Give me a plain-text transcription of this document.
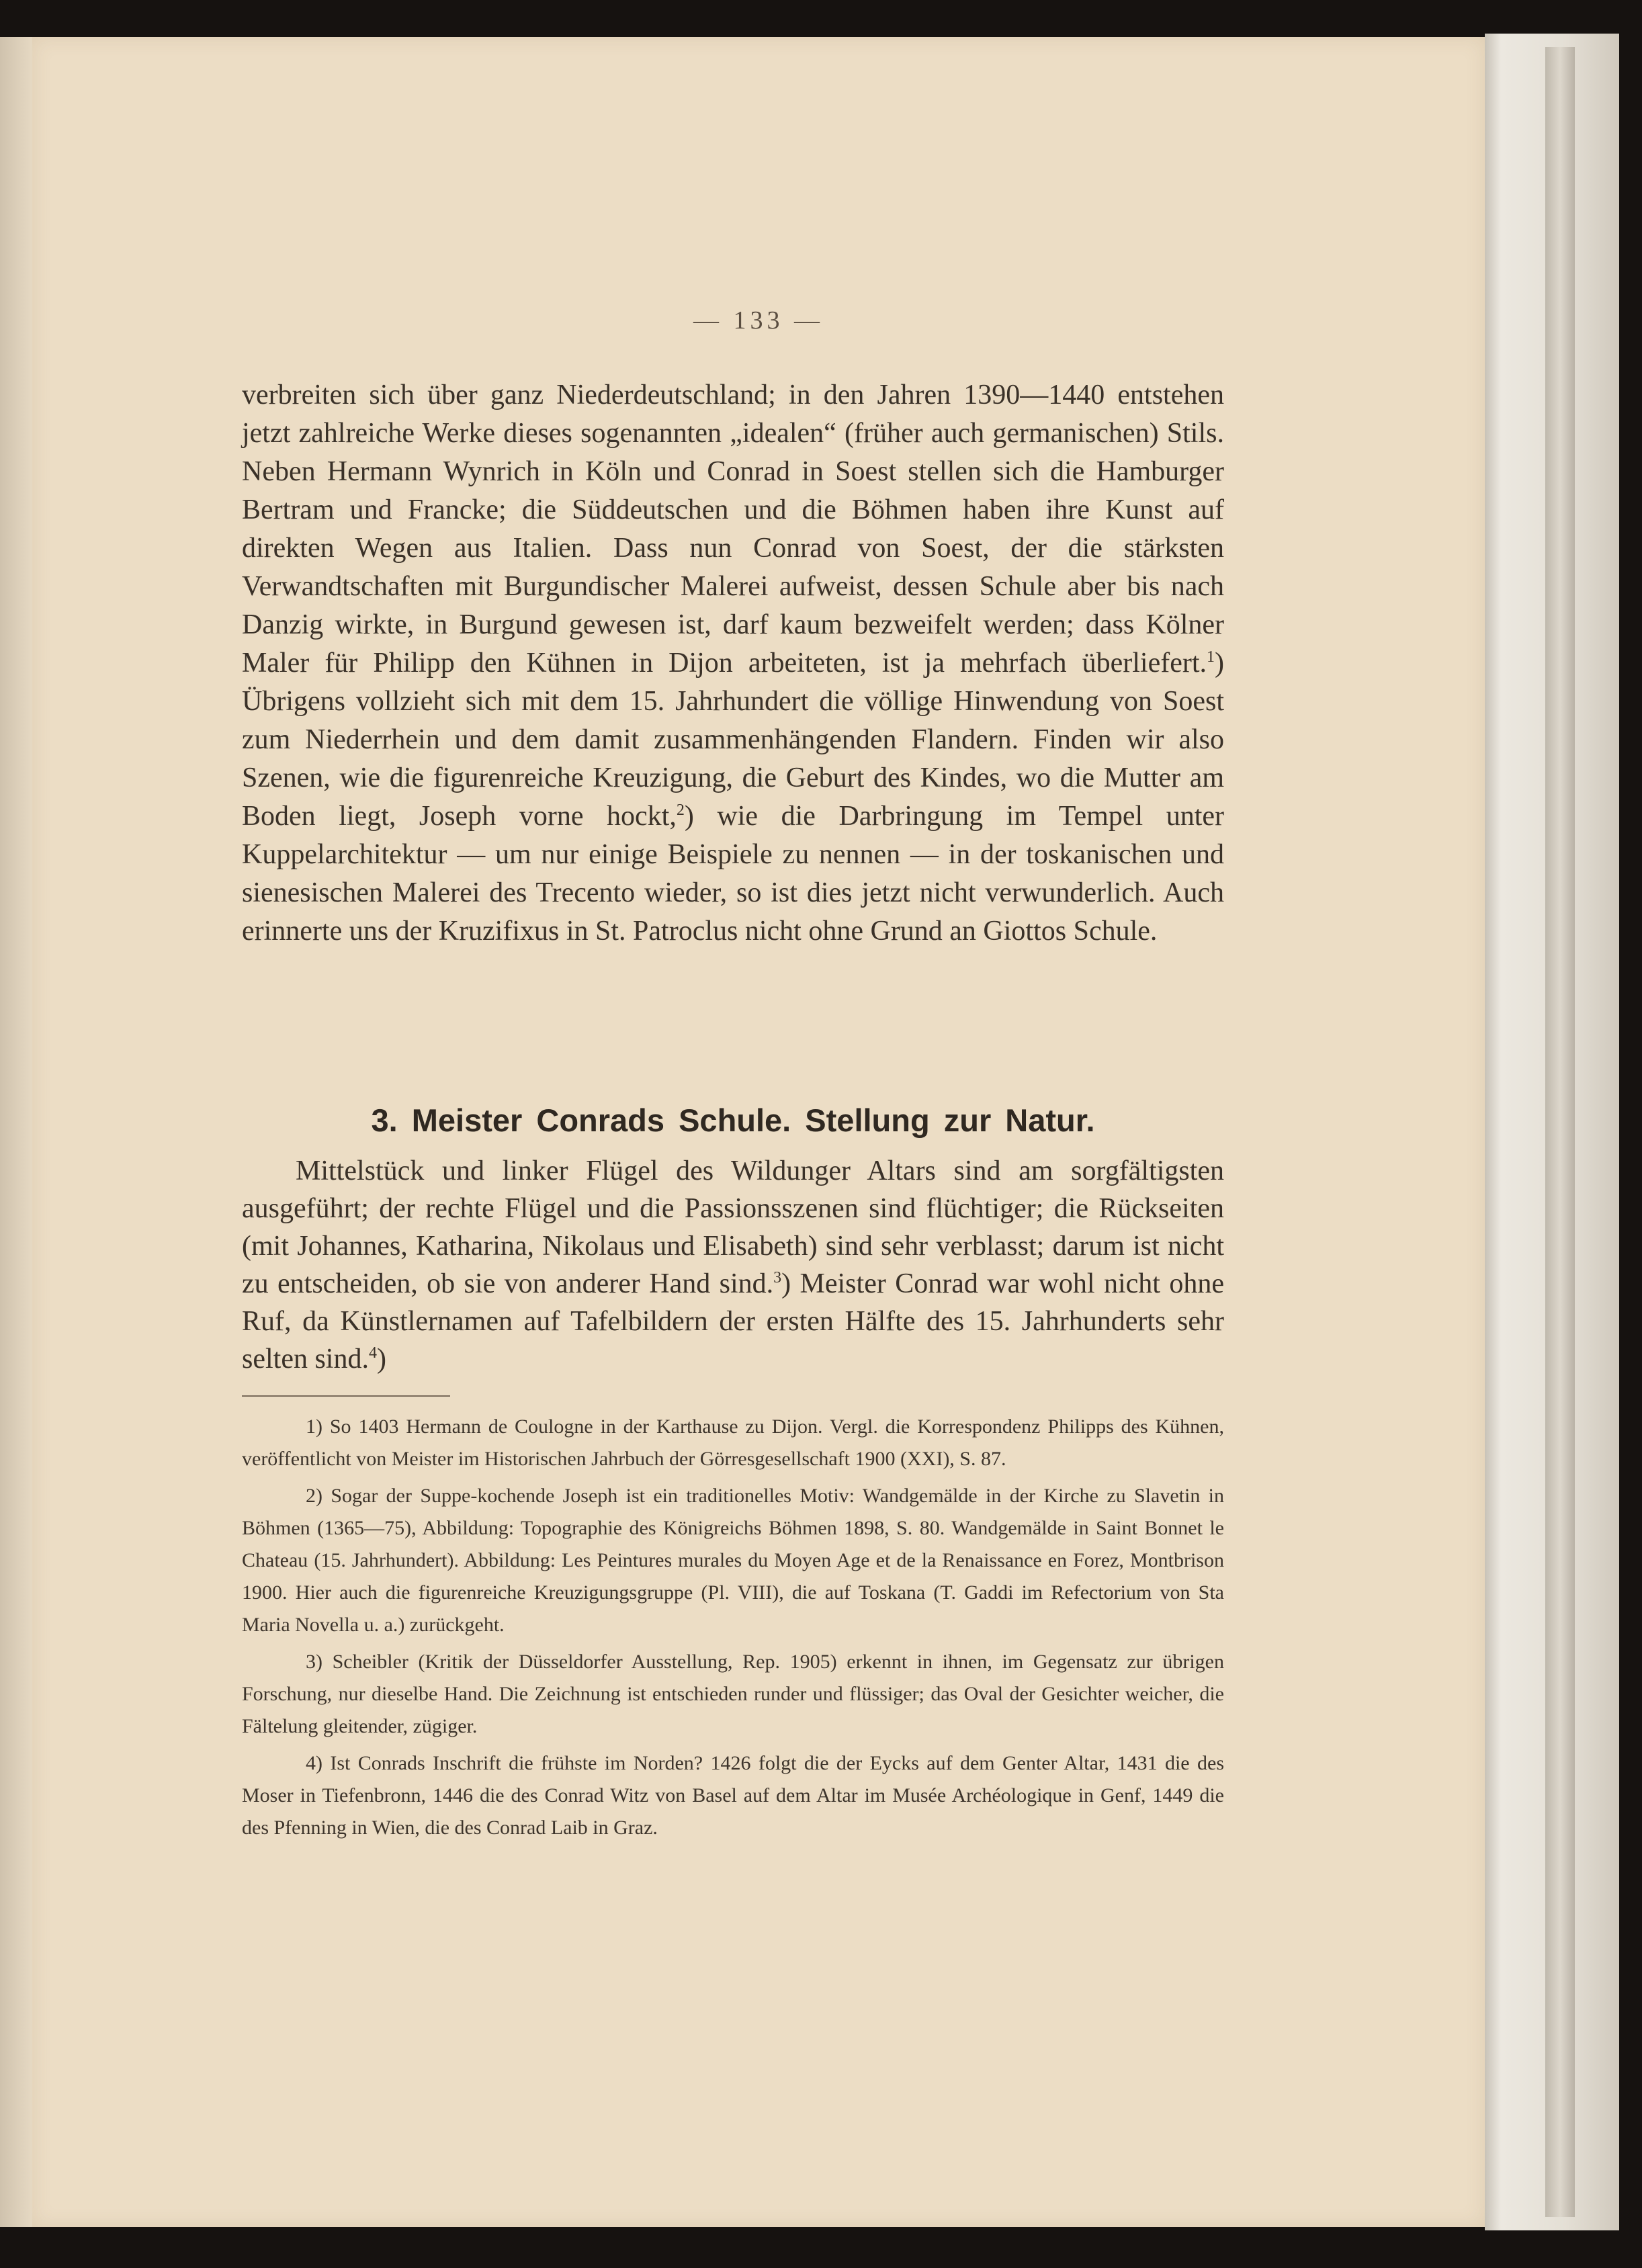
— 133 —

verbreiten sich über ganz Niederdeutschland; in den Jahren 1390—1440 entstehen jetzt zahlreiche Werke dieses sogenannten „idealen“ (früher auch germanischen) Stils. Neben Hermann Wynrich in Köln und Conrad in Soest stellen sich die Hamburger Bertram und Francke; die Süddeutschen und die Böhmen haben ihre Kunst auf direkten Wegen aus Italien. Dass nun Conrad von Soest, der die stärksten Verwandtschaften mit Burgundischer Malerei aufweist, dessen Schule aber bis nach Danzig wirkte, in Burgund gewesen ist, darf kaum bezweifelt werden; dass Kölner Maler für Philipp den Kühnen in Dijon arbeiteten, ist ja mehrfach überliefert.$^1$) Übrigens vollzieht sich mit dem 15. Jahrhundert die völlige Hinwendung von Soest zum Niederrhein und dem damit zusammenhängenden Flandern. Finden wir also Szenen, wie die figurenreiche Kreuzigung, die Geburt des Kindes, wo die Mutter am Boden liegt, Joseph vorne hockt,$^2$) wie die Darbringung im Tempel unter Kuppelarchitektur — um nur einige Beispiele zu nennen — in der toskanischen und sienesischen Malerei des Trecento wieder, so ist dies jetzt nicht verwunderlich. Auch erinnerte uns der Kruzifixus in St. Patroclus nicht ohne Grund an Giottos Schule.

3. Meister Conrads Schule. Stellung zur Natur.

Mittelstück und linker Flügel des Wildunger Altars sind am sorgfältigsten ausgeführt; der rechte Flügel und die Passionsszenen sind flüchtiger; die Rückseiten (mit Johannes, Katharina, Nikolaus und Elisabeth) sind sehr verblasst; darum ist nicht zu entscheiden, ob sie von anderer Hand sind.$^3$) Meister Conrad war wohl nicht ohne Ruf, da Künstlernamen auf Tafelbildern der ersten Hälfte des 15. Jahrhunderts sehr selten sind.$^4$)

1) So 1403 Hermann de Coulogne in der Karthause zu Dijon. Vergl. die Korrespondenz Philipps des Kühnen, veröffentlicht von Meister im Historischen Jahrbuch der Görresgesellschaft 1900 (XXI), S. 87.

2) Sogar der Suppe-kochende Joseph ist ein traditionelles Motiv: Wandgemälde in der Kirche zu Slavetin in Böhmen (1365—75), Abbildung: Topographie des Königreichs Böhmen 1898, S. 80. Wandgemälde in Saint Bonnet le Chateau (15. Jahrhundert). Abbildung: Les Peintures murales du Moyen Age et de la Renaissance en Forez, Montbrison 1900. Hier auch die figurenreiche Kreuzigungsgruppe (Pl. VIII), die auf Toskana (T. Gaddi im Refectorium von Sta Maria Novella u. a.) zurückgeht.

3) Scheibler (Kritik der Düsseldorfer Ausstellung, Rep. 1905) erkennt in ihnen, im Gegensatz zur übrigen Forschung, nur dieselbe Hand. Die Zeichnung ist entschieden runder und flüssiger; das Oval der Gesichter weicher, die Fältelung gleitender, zügiger.

4) Ist Conrads Inschrift die frühste im Norden? 1426 folgt die der Eycks auf dem Genter Altar, 1431 die des Moser in Tiefenbronn, 1446 die des Conrad Witz von Basel auf dem Altar im Musée Archéologique in Genf, 1449 die des Pfenning in Wien, die des Conrad Laib in Graz.
